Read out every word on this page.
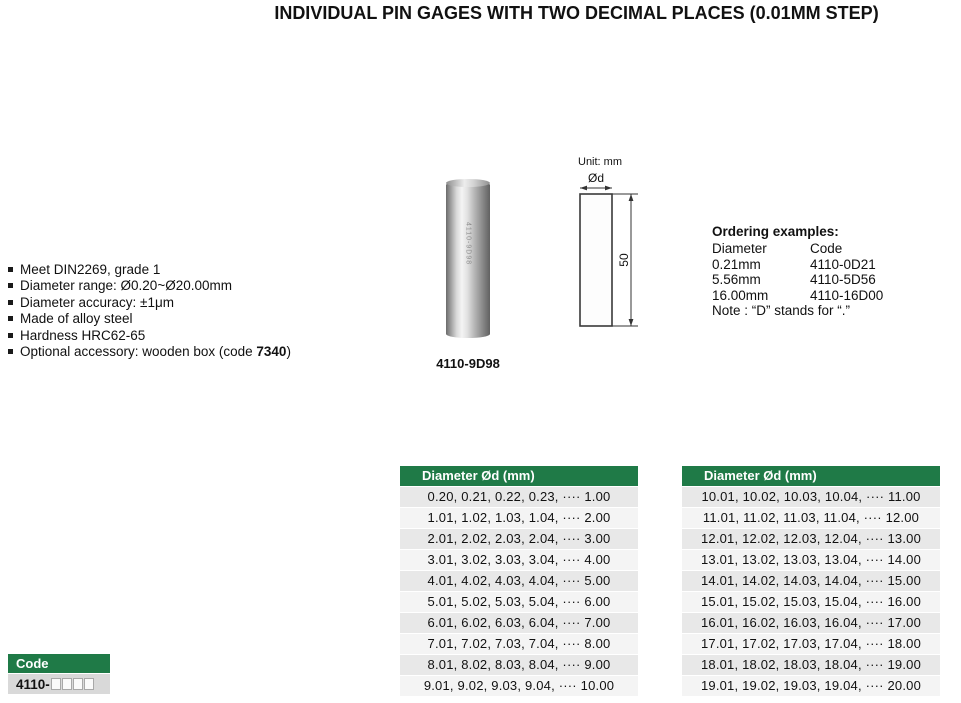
INDIVIDUAL PIN GAGES WITH TWO DECIMAL PLACES (0.01MM STEP)
Meet DIN2269, grade 1
Diameter range: Ø0.20~Ø20.00mm
Diameter accuracy: ±1μm
Made of alloy steel
Hardness HRC62-65
Optional accessory: wooden box (code 7340)
4110-9D98
4110-9D98
Unit: mm
Ød
50
Ordering examples:
Diameter	Code
0.21mm	4110-0D21
5.56mm	4110-5D56
16.00mm	4110-16D00
Note : “D” stands for “.”
Diameter Ød (mm)
0.20, 0.21, 0.22, 0.23, ···· 1.00
1.01, 1.02, 1.03, 1.04, ···· 2.00
2.01, 2.02, 2.03, 2.04, ···· 3.00
3.01, 3.02, 3.03, 3.04, ···· 4.00
4.01, 4.02, 4.03, 4.04, ···· 5.00
5.01, 5.02, 5.03, 5.04, ···· 6.00
6.01, 6.02, 6.03, 6.04, ···· 7.00
7.01, 7.02, 7.03, 7.04, ···· 8.00
8.01, 8.02, 8.03, 8.04, ···· 9.00
9.01, 9.02, 9.03, 9.04, ···· 10.00
Diameter Ød (mm)
10.01, 10.02, 10.03, 10.04, ···· 11.00
11.01, 11.02, 11.03, 11.04, ···· 12.00
12.01, 12.02, 12.03, 12.04, ···· 13.00
13.01, 13.02, 13.03, 13.04, ···· 14.00
14.01, 14.02, 14.03, 14.04, ···· 15.00
15.01, 15.02, 15.03, 15.04, ···· 16.00
16.01, 16.02, 16.03, 16.04, ···· 17.00
17.01, 17.02, 17.03, 17.04, ···· 18.00
18.01, 18.02, 18.03, 18.04, ···· 19.00
19.01, 19.02, 19.03, 19.04, ···· 20.00
Code
4110-
